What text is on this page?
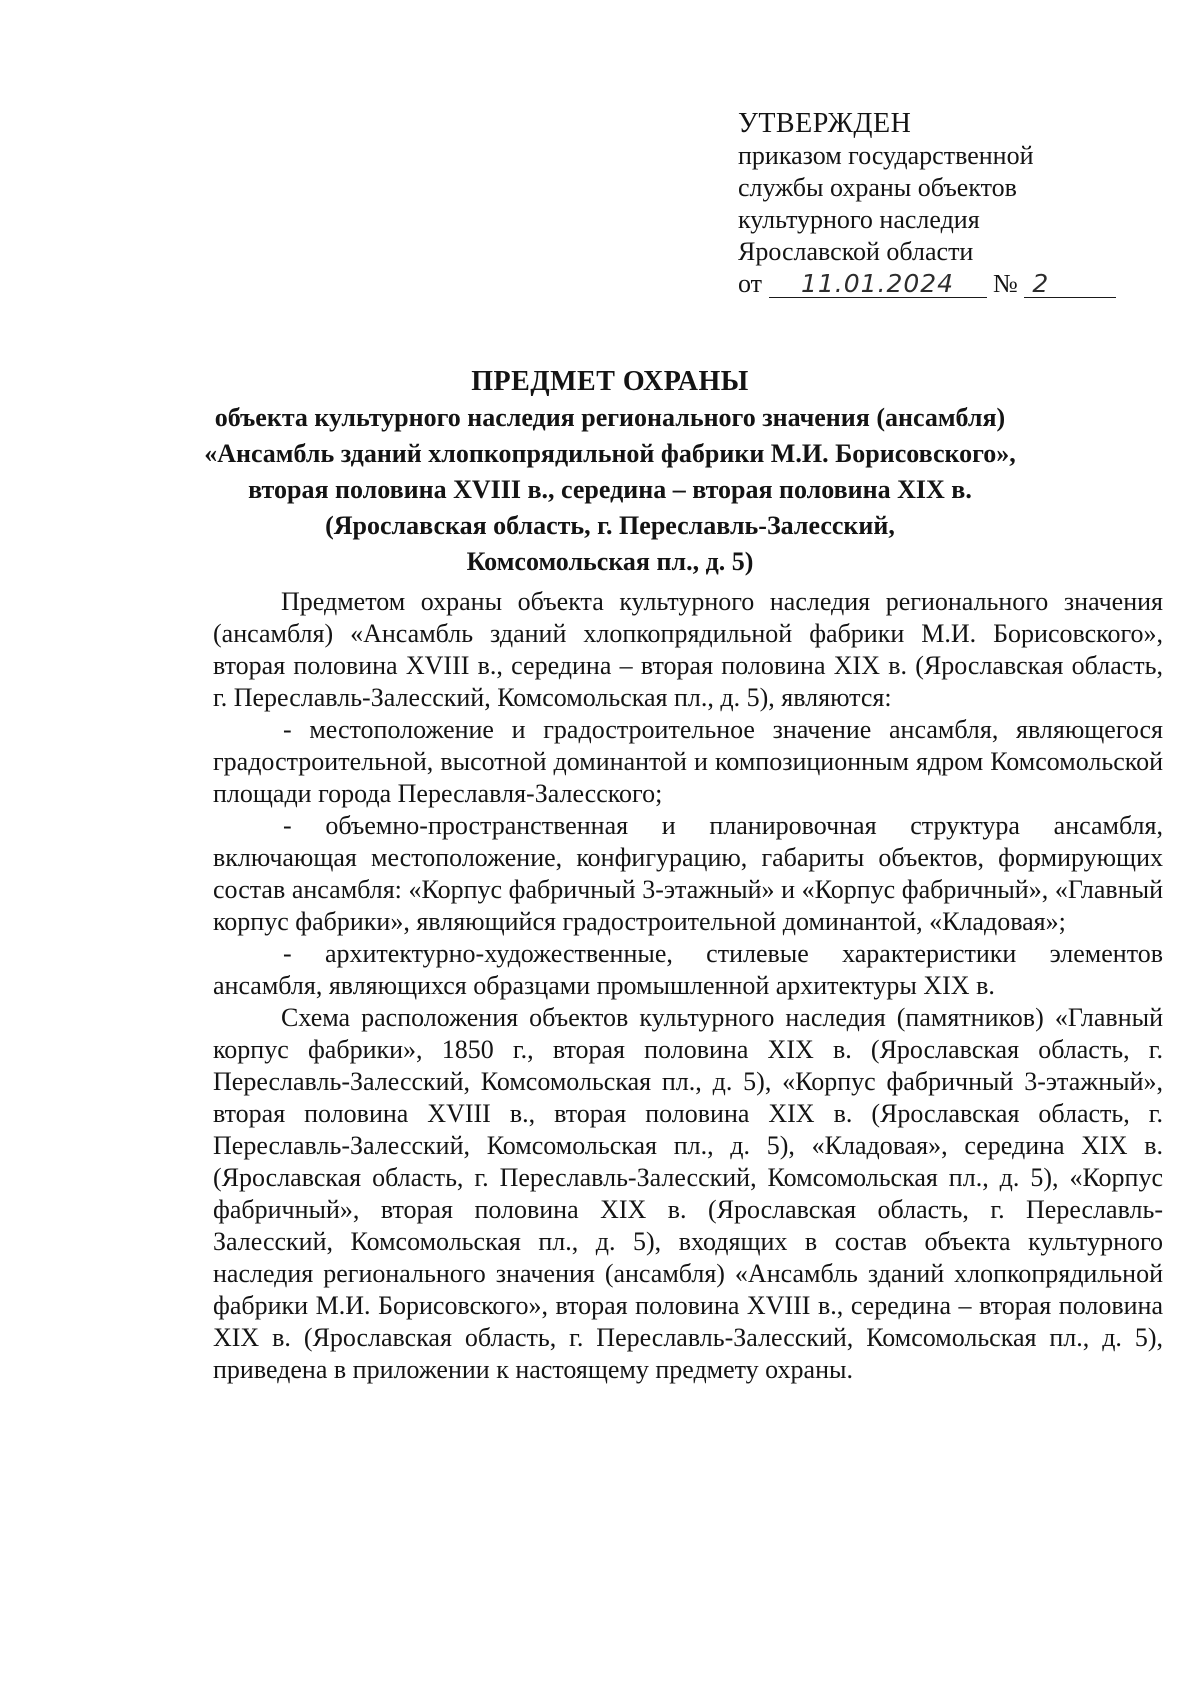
УТВЕРЖДЕН
приказом государственной
службы охраны объектов
культурного наследия
Ярославской области
от 11.01.2024 № 2
ПРЕДМЕТ ОХРАНЫ
объекта культурного наследия регионального значения (ансамбля)
«Ансамбль зданий хлопкопрядильной фабрики М.И. Борисовского»,
вторая половина XVIII в., середина – вторая половина XIX в.
(Ярославская область, г. Переславль-Залесский,
Комсомольская пл., д. 5)

Предметом охраны объекта культурного наследия регионального значения (ансамбля) «Ансамбль зданий хлопкопрядильной фабрики М.И. Борисовского», вторая половина XVIII в., середина – вторая половина XIX в. (Ярославская область, г. Переславль-Залесский, Комсомольская пл., д. 5), являются:

- местоположение и градостроительное значение ансамбля, являющегося градостроительной, высотной доминантой и композиционным ядром Комсомольской площади города Переславля-Залесского;

- объемно-пространственная и планировочная структура ансамбля, включающая местоположение, конфигурацию, габариты объектов, формирующих состав ансамбля: «Корпус фабричный 3-этажный» и «Корпус фабричный», «Главный корпус фабрики», являющийся градостроительной доминантой, «Кладовая»;

- архитектурно-художественные, стилевые характеристики элементов ансамбля, являющихся образцами промышленной архитектуры XIX в.

Схема расположения объектов культурного наследия (памятников) «Главный корпус фабрики», 1850 г., вторая половина XIX в. (Ярославская область, г. Переславль-Залесский, Комсомольская пл., д. 5), «Корпус фабричный 3-этажный», вторая половина XVIII в., вторая половина XIX в. (Ярославская область, г. Переславль-Залесский, Комсомольская пл., д. 5), «Кладовая», середина XIX в. (Ярославская область, г. Переславль-Залесский, Комсомольская пл., д. 5), «Корпус фабричный», вторая половина XIX в. (Ярославская область, г. Переславль-Залесский, Комсомольская пл., д. 5), входящих в состав объекта культурного наследия регионального значения (ансамбля) «Ансамбль зданий хлопкопрядильной фабрики М.И. Борисовского», вторая половина XVIII в., середина – вторая половина XIX в. (Ярославская область, г. Переславль-Залесский, Комсомольская пл., д. 5), приведена в приложении к настоящему предмету охраны.
